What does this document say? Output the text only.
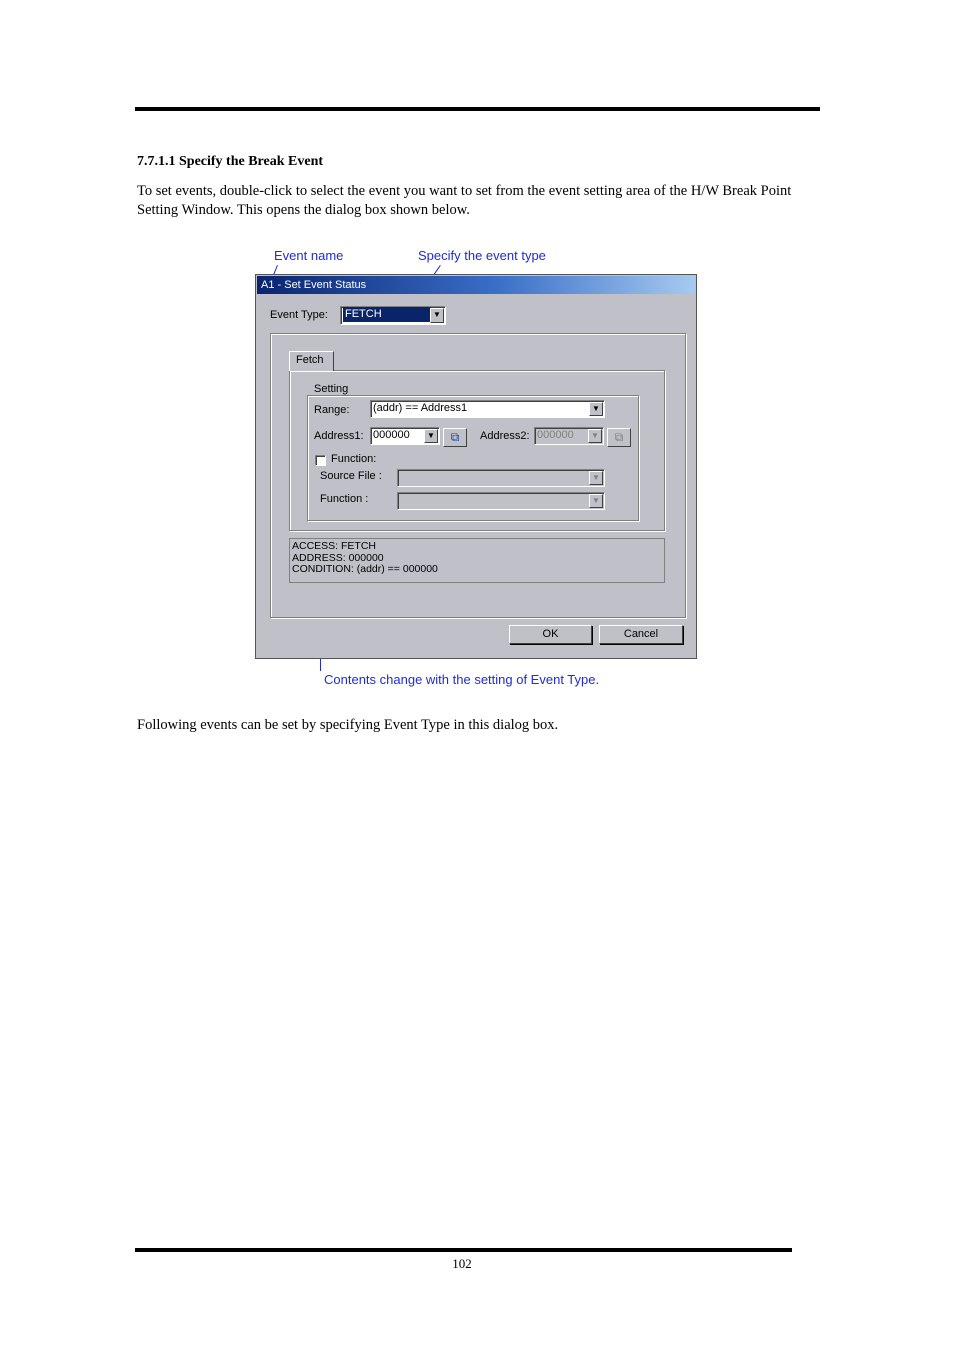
7.7.1.1 Specify the Break Event
To set events, double-click to select the event you want to set from the event setting area of the H/W Break Point Setting Window. This opens the dialog box shown below.
Event name	Specify the event type
Contents change with the setting of Event Type.
A1 - Set Event Status
Event Type:	FETCH	▼
Fetch
Setting
Range: (addr) == Address1	▼
Address1: 000000	▼	⧉	Address2: 000000	▼	⧉
Function:
Source File :	▼
Function :	▼
ACCESS: FETCH
ADDRESS: 000000
CONDITION: (addr) == 000000
OK	Cancel
Following events can be set by specifying Event Type in this dialog box.
102
